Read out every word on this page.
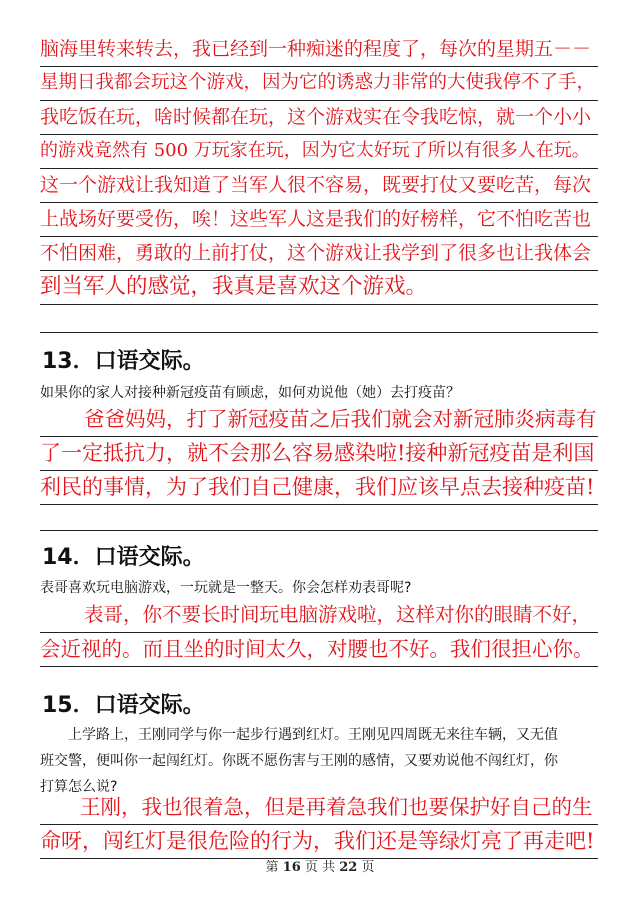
脑海里转来转去，我已经到一种痴迷的程度了，每次的星期五－－
星期日我都会玩这个游戏，因为它的诱惑力非常的大使我停不了手，
我吃饭在玩，啥时候都在玩，这个游戏实在令我吃惊，就一个小小
的游戏竟然有 500 万玩家在玩，因为它太好玩了所以有很多人在玩。
这一个游戏让我知道了当军人很不容易，既要打仗又要吃苦，每次
上战场好要受伤，唉！这些军人这是我们的好榜样，它不怕吃苦也
不怕困难，勇敢的上前打仗，这个游戏让我学到了很多也让我体会
到当军人的感觉，我真是喜欢这个游戏。
13．口语交际。
如果你的家人对接种新冠疫苗有顾虑，如何劝说他（她）去打疫苗？
爸爸妈妈，打了新冠疫苗之后我们就会对新冠肺炎病毒有
了一定抵抗力，就不会那么容易感染啦!接种新冠疫苗是利国
利民的事情，为了我们自己健康，我们应该早点去接种疫苗!
14．口语交际。
表哥喜欢玩电脑游戏，一玩就是一整天。你会怎样劝表哥呢?
表哥，你不要长时间玩电脑游戏啦，这样对你的眼睛不好，
会近视的。而且坐的时间太久，对腰也不好。我们很担心你。
15．口语交际。
上学路上，王刚同学与你一起步行遇到红灯。王刚见四周既无来往车辆，又无值
班交警，便叫你一起闯红灯。你既不愿伤害与王刚的感情，又要劝说他不闯红灯，你
打算怎么说?
王刚，我也很着急，但是再着急我们也要保护好自己的生
命呀，闯红灯是很危险的行为，我们还是等绿灯亮了再走吧!
第 16 页 共 22 页
